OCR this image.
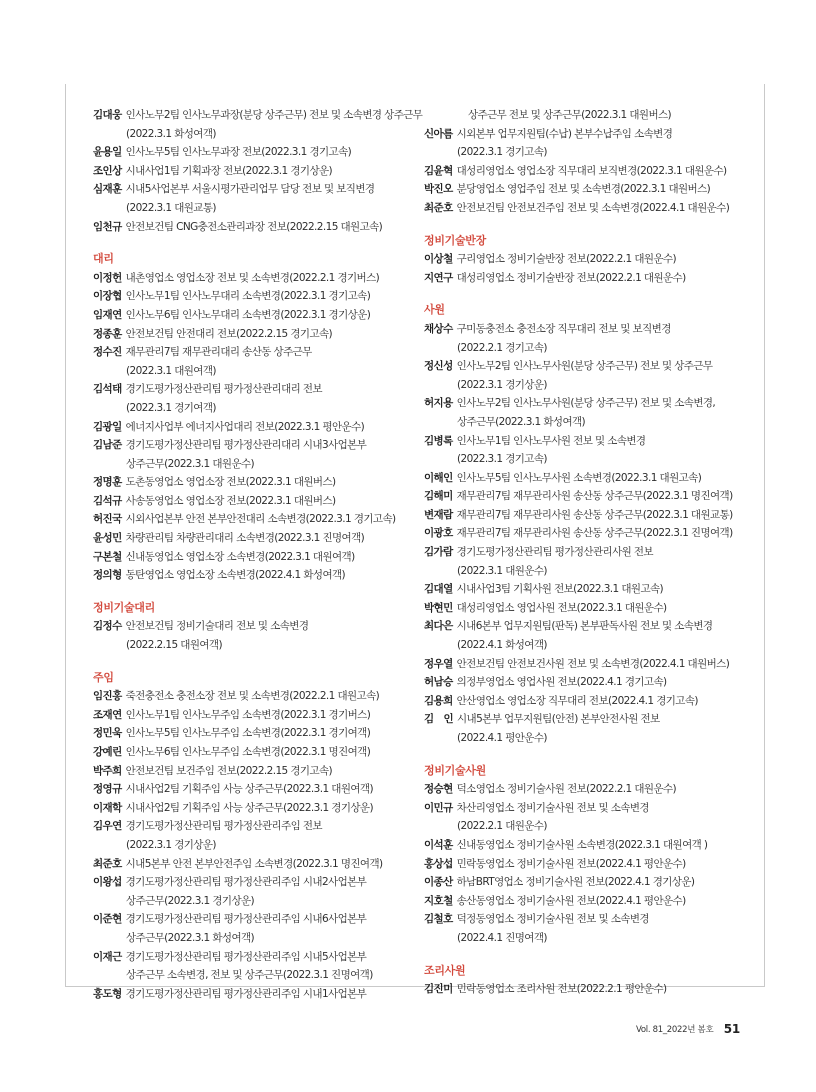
김대웅 인사노무2팀 인사노무과장(분당 상주근무) 전보 및 소속변경 상주근무
(2022.3.1 화성여객)
윤용일 인사노무5팀 인사노무과장 전보(2022.3.1 경기고속)
조인상 시내사업1팀 기획과장 전보(2022.3.1 경기상운)
심재훈 시내5사업본부 서울시평가관리업무 담당 전보 및 보직변경
(2022.3.1 대원교통)
임천규 안전보건팀 CNG충전소관리과장 전보(2022.2.15 대원고속)
대리
이정헌 내촌영업소 영업소장 전보 및 소속변경(2022.2.1 경기버스)
이장협 인사노무1팀 인사노무대리 소속변경(2022.3.1 경기고속)
임재연 인사노무6팀 인사노무대리 소속변경(2022.3.1 경기상운)
정종훈 안전보건팀 안전대리 전보(2022.2.15 경기고속)
정수진 재무관리7팀 재무관리대리 송산동 상주근무
(2022.3.1 대원여객)
김석태 경기도평가정산관리팀 평가정산관리대리 전보
(2022.3.1 경기여객)
김광일 에너지사업부 에너지사업대리 전보(2022.3.1 평안운수)
김남준 경기도평가정산관리팀 평가정산관리대리 시내3사업본부
상주근무(2022.3.1 대원운수)
정명훈 도촌동영업소 영업소장 전보(2022.3.1 대원버스)
김석규 사송동영업소 영업소장 전보(2022.3.1 대원버스)
허진국 시외사업본부 안전 본부안전대리 소속변경(2022.3.1 경기고속)
윤성민 차량관리팀 차량관리대리 소속변경(2022.3.1 진명여객)
구본철 신내동영업소 영업소장 소속변경(2022.3.1 대원여객)
정의형 동탄영업소 영업소장 소속변경(2022.4.1 화성여객)
정비기술대리
김정수 안전보건팀 정비기술대리 전보 및 소속변경
(2022.2.15 대원여객)
주임
임진홍 죽전충전소 충전소장 전보 및 소속변경(2022.2.1 대원고속)
조재연 인사노무1팀 인사노무주임 소속변경(2022.3.1 경기버스)
정민욱 인사노무5팀 인사노무주임 소속변경(2022.3.1 경기여객)
강예린 인사노무6팀 인사노무주임 소속변경(2022.3.1 명진여객)
박주희 안전보건팀 보건주임 전보(2022.2.15 경기고속)
정영규 시내사업2팀 기획주임 사능 상주근무(2022.3.1 대원여객)
이재학 시내사업2팀 기획주임 사능 상주근무(2022.3.1 경기상운)
김우연 경기도평가정산관리팀 평가정산관리주임 전보
(2022.3.1 경기상운)
최준호 시내5본부 안전 본부안전주임 소속변경(2022.3.1 명진여객)
이왕섭 경기도평가정산관리팀 평가정산관리주임 시내2사업본부
상주근무(2022.3.1 경기상운)
이준현 경기도평가정산관리팀 평가정산관리주임 시내6사업본부
상주근무(2022.3.1 화성여객)
이재근 경기도평가정산관리팀 평가정산관리주임 시내5사업본부
상주근무 소속변경, 전보 및 상주근무(2022.3.1 진명여객)
홍도형 경기도평가정산관리팀 평가정산관리주임 시내1사업본부
상주근무 전보 및 상주근무(2022.3.1 대원버스)
신아름 시외본부 업무지원팀(수납) 본부수납주임 소속변경
(2022.3.1 경기고속)
김윤혁 대성리영업소 영업소장 직무대리 보직변경(2022.3.1 대원운수)
박진오 분당영업소 영업주임 전보 및 소속변경(2022.3.1 대원버스)
최준호 안전보건팀 안전보건주임 전보 및 소속변경(2022.4.1 대원운수)
정비기술반장
이상철 구리영업소 정비기술반장 전보(2022.2.1 대원운수)
지연구 대성리영업소 정비기술반장 전보(2022.2.1 대원운수)
사원
채상수 구미동충전소 충전소장 직무대리 전보 및 보직변경
(2022.2.1 경기고속)
정신성 인사노무2팀 인사노무사원(분당 상주근무) 전보 및 상주근무
(2022.3.1 경기상운)
허지용 인사노무2팀 인사노무사원(분당 상주근무) 전보 및 소속변경,
상주근무(2022.3.1 화성여객)
김병록 인사노무1팀 인사노무사원 전보 및 소속변경
(2022.3.1 경기고속)
이해인 인사노무5팀 인사노무사원 소속변경(2022.3.1 대원고속)
김해미 재무관리7팀 재무관리사원 송산동 상주근무(2022.3.1 명진여객)
변재람 재무관리7팀 재무관리사원 송산동 상주근무(2022.3.1 대원교통)
이광호 재무관리7팀 재무관리사원 송산동 상주근무(2022.3.1 진명여객)
김가람 경기도평가정산관리팀 평가정산관리사원 전보
(2022.3.1 대원운수)
김대열 시내사업3팀 기획사원 전보(2022.3.1 대원고속)
박현민 대성리영업소 영업사원 전보(2022.3.1 대원운수)
최다은 시내6본부 업무지원팀(판독) 본부판독사원 전보 및 소속변경
(2022.4.1 화성여객)
정우열 안전보건팀 안전보건사원 전보 및 소속변경(2022.4.1 대원버스)
허남승 의정부영업소 영업사원 전보(2022.4.1 경기고속)
김용희 안산영업소 영업소장 직무대리 전보(2022.4.1 경기고속)
김　인 시내5본부 업무지원팀(안전) 본부안전사원 전보
(2022.4.1 평안운수)
정비기술사원
정승현 덕소영업소 정비기술사원 전보(2022.2.1 대원운수)
이민규 차산리영업소 정비기술사원 전보 및 소속변경
(2022.2.1 대원운수)
이석훈 신내동영업소 정비기술사원 소속변경(2022.3.1 대원여객 )
홍상섭 민락동영업소 정비기술사원 전보(2022.4.1 평안운수)
이종산 하남BRT영업소 정비기술사원 전보(2022.4.1 경기상운)
지호철 송산동영업소 정비기술사원 전보(2022.4.1 평안운수)
김철호 덕정동영업소 정비기술사원 전보 및 소속변경
(2022.4.1 진명여객)
조리사원
김진미 민락동영업소 조리사원 전보(2022.2.1 평안운수)
Vol. 81_2022년 봄호 51
